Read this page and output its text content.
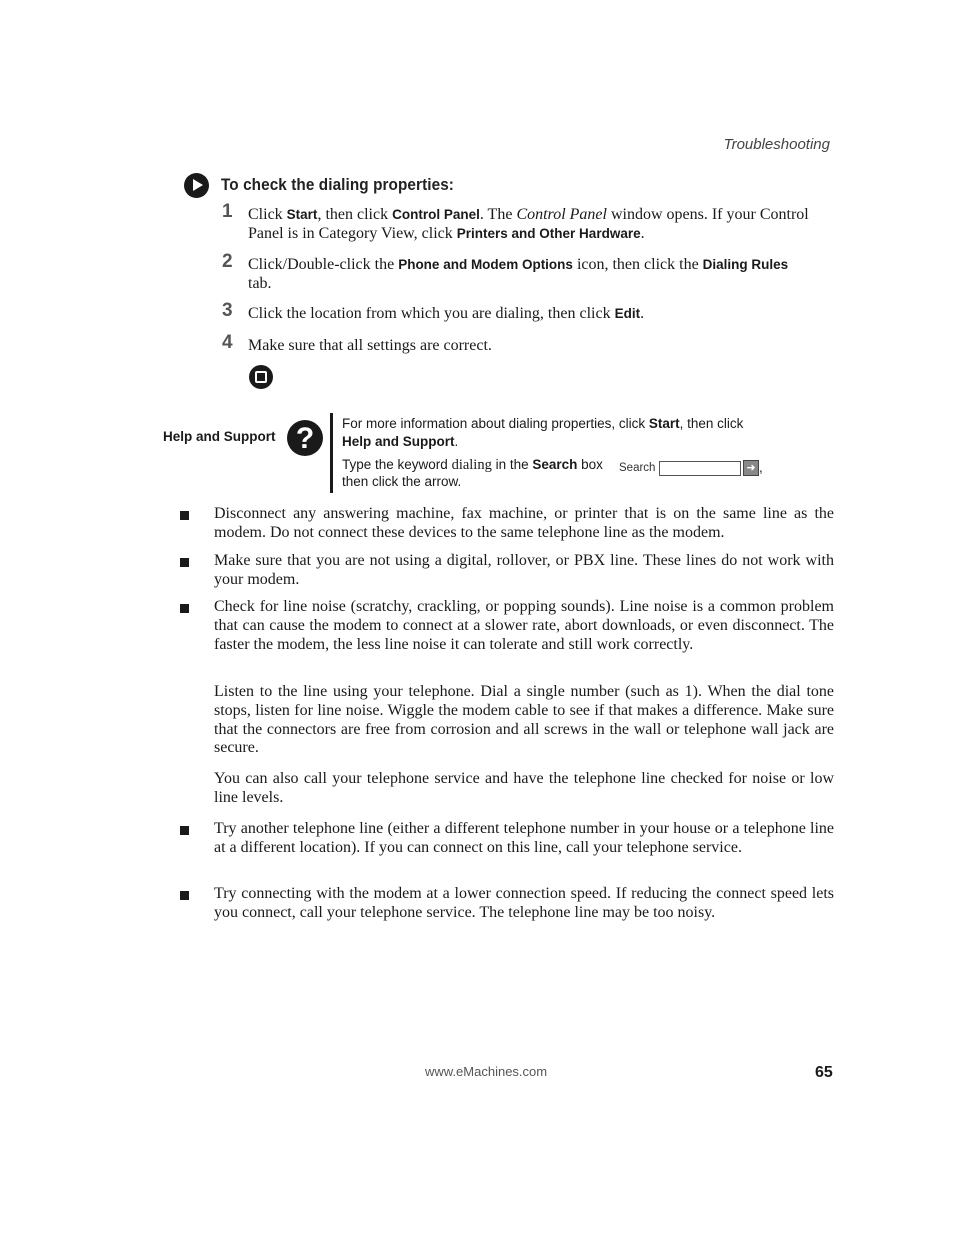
Troubleshooting
To check the dialing properties:
1 Click Start, then click Control Panel. The Control Panel window opens. If your Control Panel is in Category View, click Printers and Other Hardware.
2 Click/Double-click the Phone and Modem Options icon, then click the Dialing Rules tab.
3 Click the location from which you are dialing, then click Edit.
4 Make sure that all settings are correct.
Help and Support ?	For more information about dialing properties, click Start, then click
Help and Support.
Type the keyword dialing in the Search box	Search	➜ ,
then click the arrow.
Disconnect any answering machine, fax machine, or printer that is on the same line as the modem. Do not connect these devices to the same telephone line as the modem.
Make sure that you are not using a digital, rollover, or PBX line. These lines do not work with your modem.
Check for line noise (scratchy, crackling, or popping sounds). Line noise is a common problem that can cause the modem to connect at a slower rate, abort downloads, or even disconnect. The faster the modem, the less line noise it can tolerate and still work correctly.
Listen to the line using your telephone. Dial a single number (such as 1). When the dial tone stops, listen for line noise. Wiggle the modem cable to see if that makes a difference. Make sure that the connectors are free from corrosion and all screws in the wall or telephone wall jack are secure.
You can also call your telephone service and have the telephone line checked for noise or low line levels.
Try another telephone line (either a different telephone number in your house or a telephone line at a different location). If you can connect on this line, call your telephone service.
Try connecting with the modem at a lower connection speed. If reducing the connect speed lets you connect, call your telephone service. The telephone line may be too noisy.
www.eMachines.com	65
